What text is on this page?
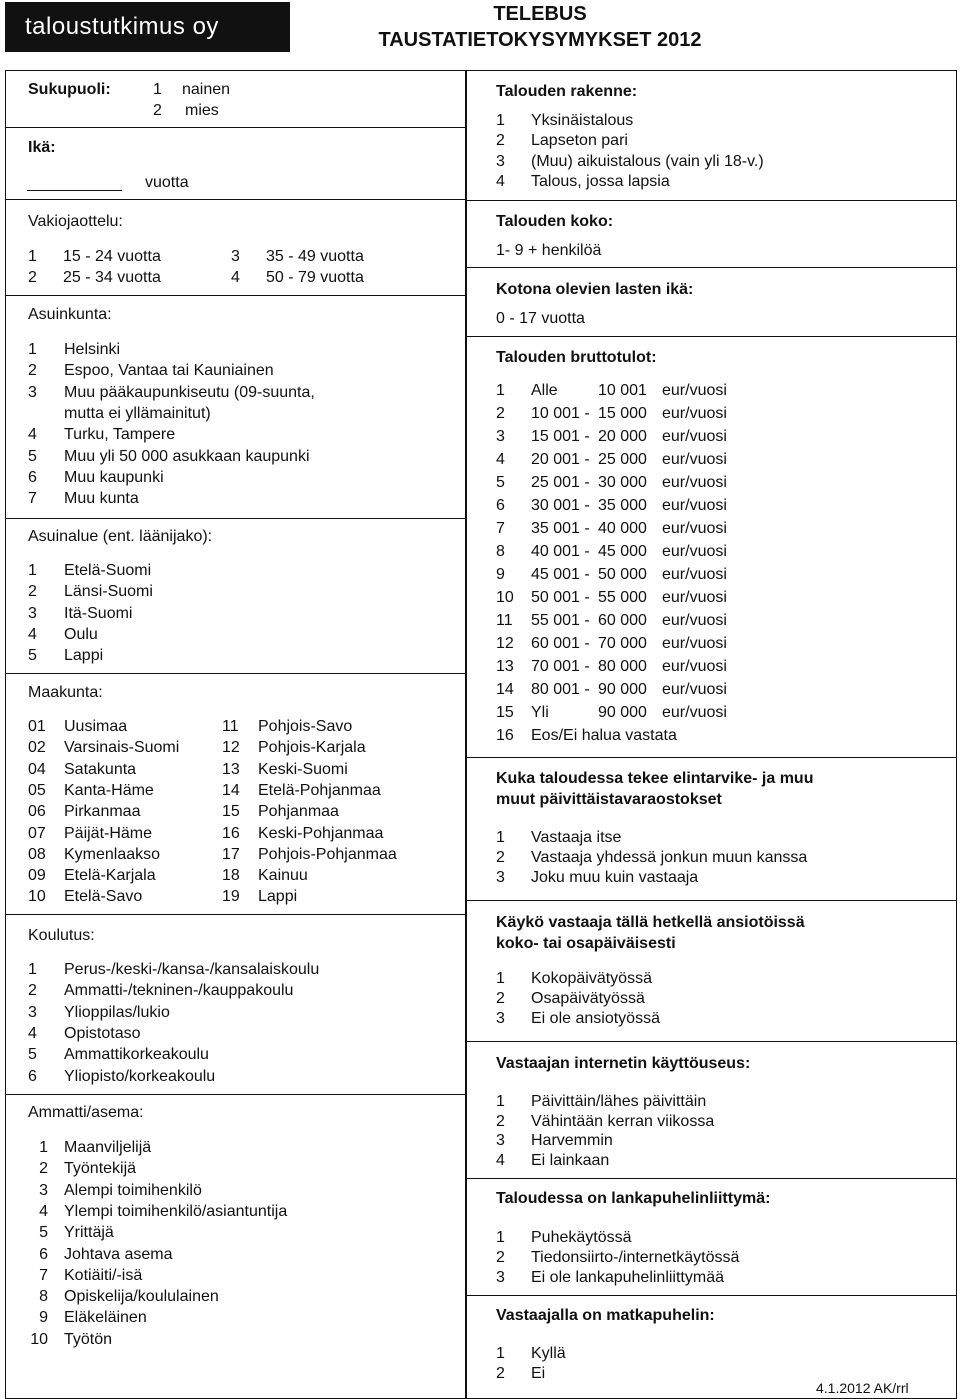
taloustutkimus oy	TELEBUS
TAUSTATIETOKYSYMYKSET 2012
Sukupuoli:	1 nainen
2 mies
Ikä:
vuotta
Vakiojaottelu:
1 15 - 24 vuotta
2 25 - 34 vuotta
3 35 - 49 vuotta
4 50 - 79 vuotta
Asuinkunta:
1 Helsinki
2 Espoo, Vantaa tai Kauniainen
3 Muu pääkaupunkiseutu (09-suunta,
mutta ei yllämainitut)
4 Turku, Tampere
5 Muu yli 50 000 asukkaan kaupunki
6 Muu kaupunki
7 Muu kunta
Asuinalue (ent. läänijako):
1 Etelä-Suomi
2 Länsi-Suomi
3 Itä-Suomi
4 Oulu
5 Lappi
Maakunta:
01 Uusimaa
02 Varsinais-Suomi
04 Satakunta
05 Kanta-Häme
06 Pirkanmaa
07 Päijät-Häme
08 Kymenlaakso
09 Etelä-Karjala
10 Etelä-Savo
11 Pohjois-Savo
12 Pohjois-Karjala
13 Keski-Suomi
14 Etelä-Pohjanmaa
15 Pohjanmaa
16 Keski-Pohjanmaa
17 Pohjois-Pohjanmaa
18 Kainuu
19 Lappi
Koulutus:
1 Perus-/keski-/kansa-/kansalaiskoulu
2 Ammatti-/tekninen-/kauppakoulu
3 Ylioppilas/lukio
4 Opistotaso
5 Ammattikorkeakoulu
6 Yliopisto/korkeakoulu
Ammatti/asema:
1 Maanviljelijä
2 Työntekijä
3 Alempi toimihenkilö
4 Ylempi toimihenkilö/asiantuntija
5 Yrittäjä
6 Johtava asema
7 Kotiäiti/-isä
8 Opiskelija/koululainen
9 Eläkeläinen
10 Työtön
Talouden rakenne:
1 Yksinäistalous
2 Lapseton pari
3 (Muu) aikuistalous (vain yli 18-v.)
4 Talous, jossa lapsia
Talouden koko:
1- 9 + henkilöä
Kotona olevien lasten ikä:
0 - 17 vuotta
Talouden bruttotulot:
1 Alle	10 001 eur/vuosi
2 10 001 - 15 000 eur/vuosi
3 15 001 - 20 000 eur/vuosi
4 20 001 - 25 000 eur/vuosi
5 25 001 - 30 000 eur/vuosi
6 30 001 - 35 000 eur/vuosi
7 35 001 - 40 000 eur/vuosi
8 40 001 - 45 000 eur/vuosi
9 45 001 - 50 000 eur/vuosi
10 50 001 - 55 000 eur/vuosi
11 55 001 - 60 000 eur/vuosi
12 60 001 - 70 000 eur/vuosi
13 70 001 - 80 000 eur/vuosi
14 80 001 - 90 000 eur/vuosi
15 Yli	90 000 eur/vuosi
16 Eos/Ei halua vastata
Kuka taloudessa tekee elintarvike- ja muu
muut päivittäistavaraostokset
1 Vastaaja itse
2 Vastaaja yhdessä jonkun muun kanssa
3 Joku muu kuin vastaaja
Käykö vastaaja tällä hetkellä ansiotöissä
koko- tai osapäiväisesti
1 Kokopäivätyössä
2 Osapäivätyössä
3 Ei ole ansiotyössä
Vastaajan internetin käyttöuseus:
1 Päivittäin/lähes päivittäin
2 Vähintään kerran viikossa
3 Harvemmin
4 Ei lainkaan
Taloudessa on lankapuhelinliittymä:
1 Puhekäytössä
2 Tiedonsiirto-/internetkäytössä
3 Ei ole lankapuhelinliittymää
Vastaajalla on matkapuhelin:
1 Kyllä
2 Ei
4.1.2012 AK/rrl
